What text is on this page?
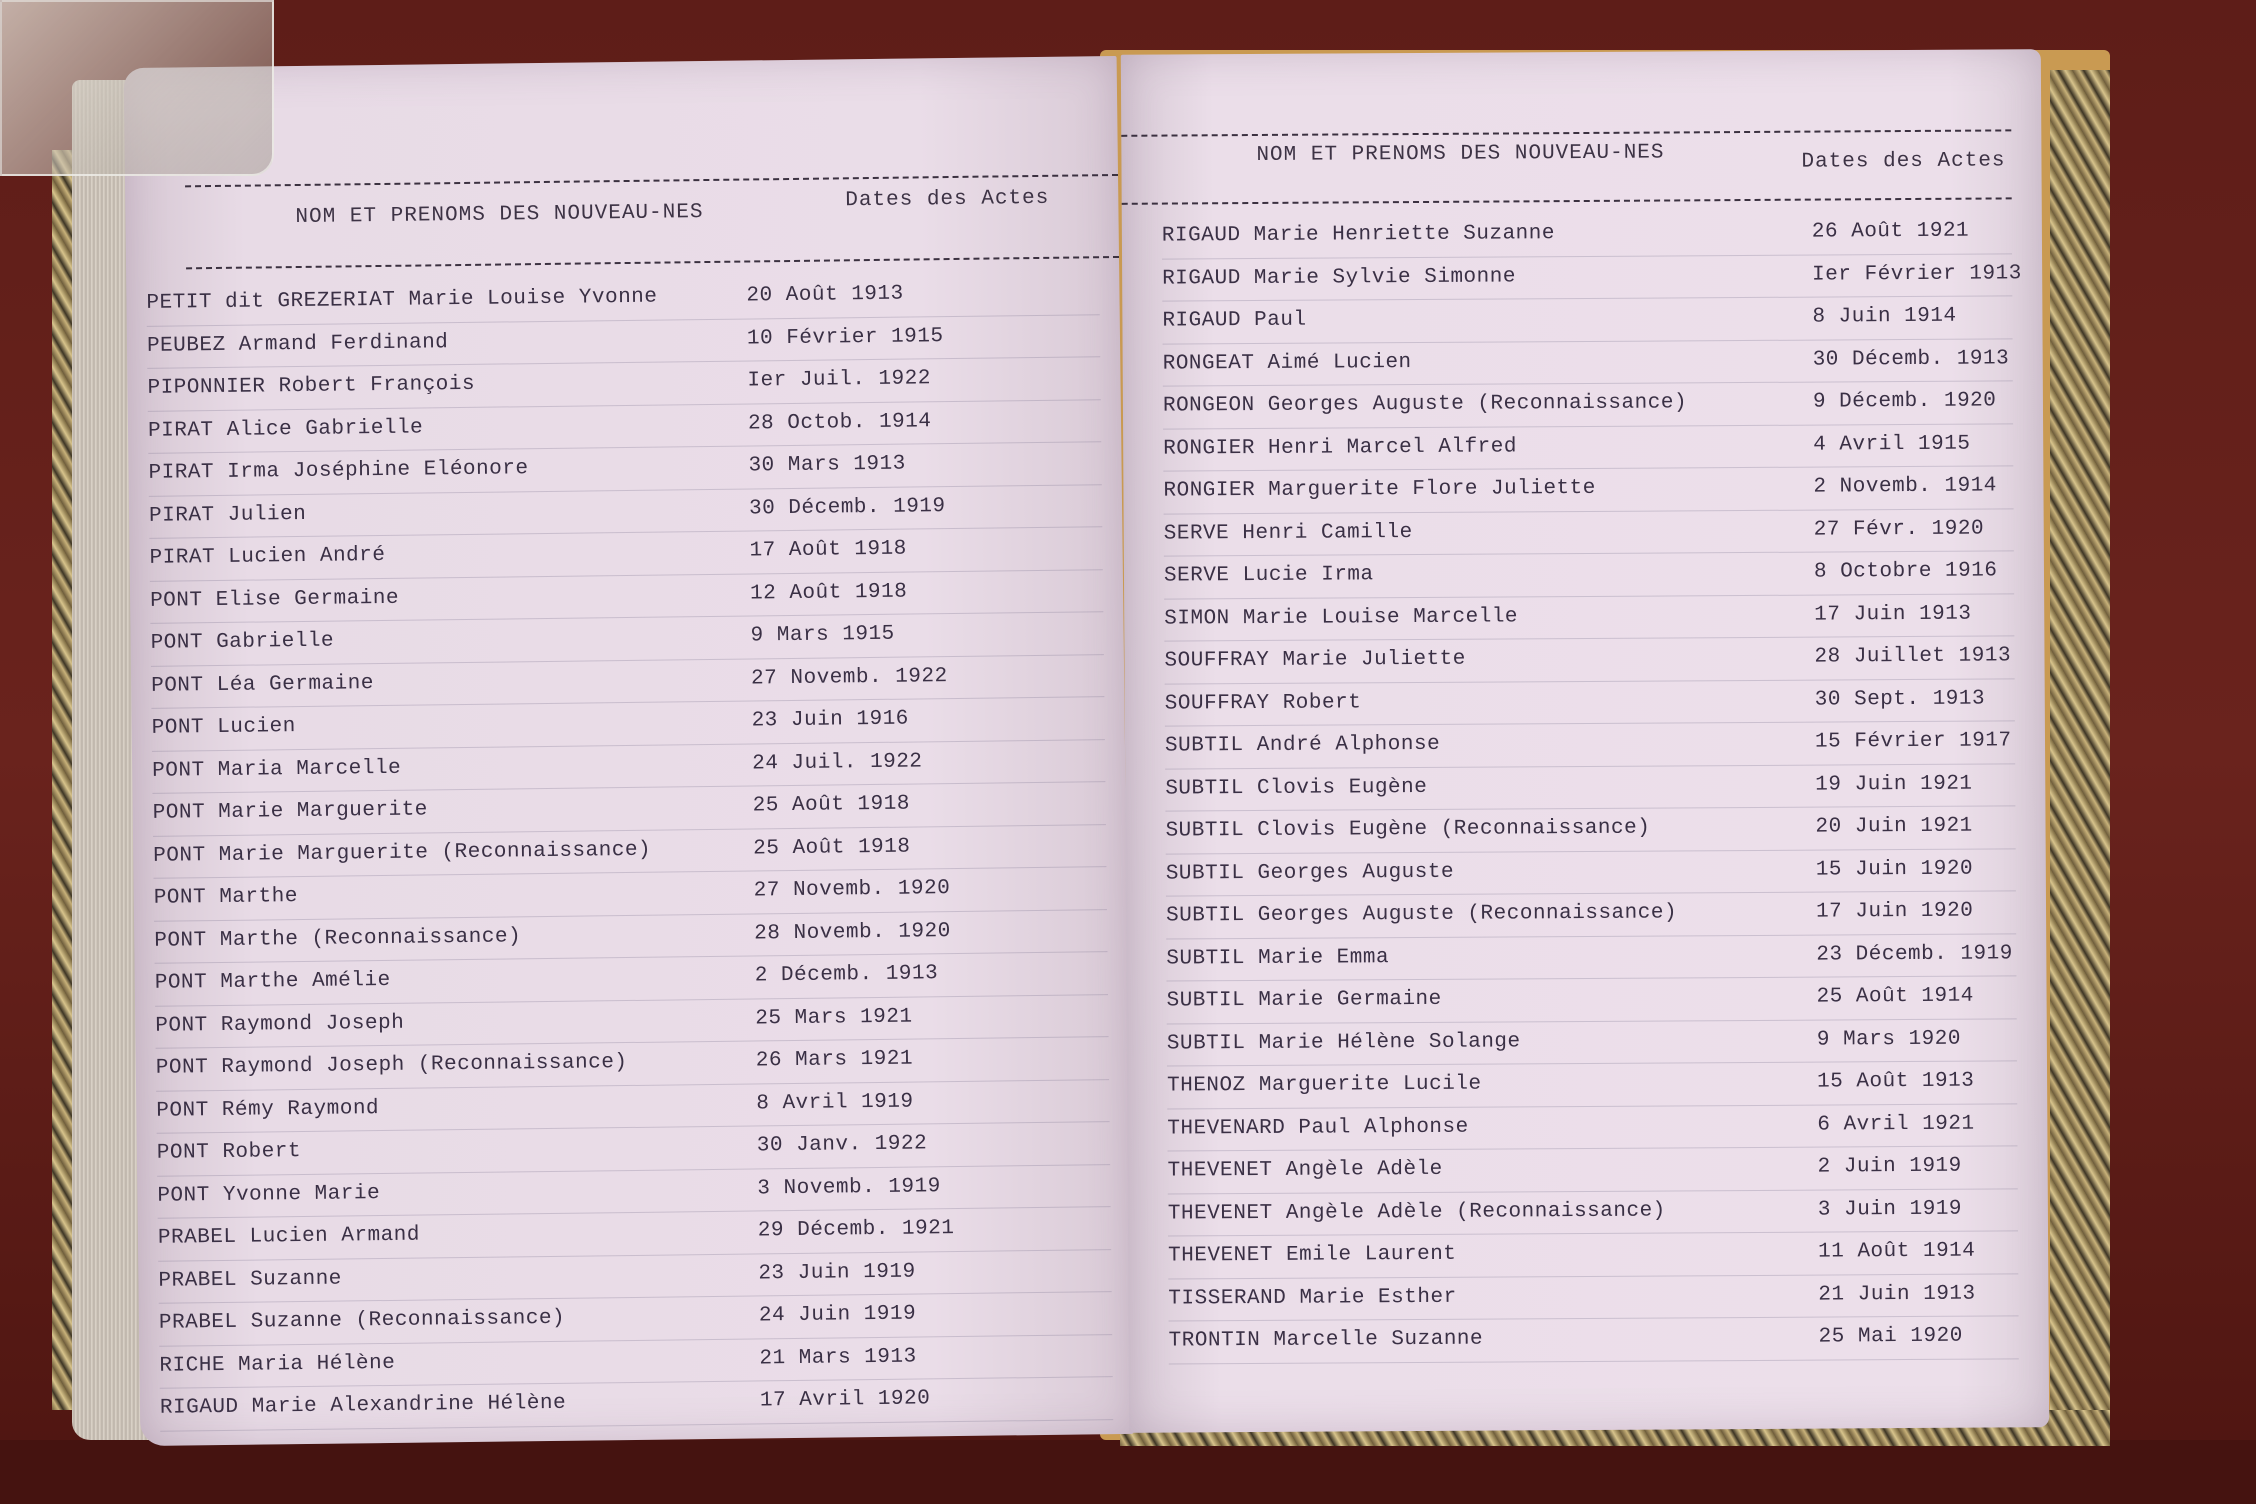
NOM ET PRENOMS DES NOUVEAU-NES
Dates des Actes
PETIT dit GREZERIAT Marie Louise Yvonne	20 Août 1913
PEUBEZ Armand Ferdinand	10 Février 1915
PIPONNIER Robert François	Ier Juil. 1922
PIRAT Alice Gabrielle	28 Octob. 1914
PIRAT Irma Joséphine Eléonore	30 Mars 1913
PIRAT Julien	30 Décemb. 1919
PIRAT Lucien André	17 Août 1918
PONT Elise Germaine	12 Août 1918
PONT Gabrielle	9 Mars 1915
PONT Léa Germaine	27 Novemb. 1922
PONT Lucien	23 Juin 1916
PONT Maria Marcelle	24 Juil. 1922
PONT Marie Marguerite	25 Août 1918
PONT Marie Marguerite (Reconnaissance)	25 Août 1918
PONT Marthe	27 Novemb. 1920
PONT Marthe (Reconnaissance)	28 Novemb. 1920
PONT Marthe Amélie	2 Décemb. 1913
PONT Raymond Joseph	25 Mars 1921
PONT Raymond Joseph (Reconnaissance)	26 Mars 1921
PONT Rémy Raymond	8 Avril 1919
PONT Robert	30 Janv. 1922
PONT Yvonne Marie	3 Novemb. 1919
PRABEL Lucien Armand	29 Décemb. 1921
PRABEL Suzanne	23 Juin 1919
PRABEL Suzanne (Reconnaissance)	24 Juin 1919
RICHE Maria Hélène	21 Mars 1913
RIGAUD Marie Alexandrine Hélène	17 Avril 1920
NOM ET PRENOMS DES NOUVEAU-NES	Dates des Actes
RIGAUD Marie Henriette Suzanne	26 Août 1921
RIGAUD Marie Sylvie Simonne	Ier Février 1913
RIGAUD Paul	8 Juin 1914
RONGEAT Aimé Lucien	30 Décemb. 1913
RONGEON Georges Auguste (Reconnaissance)	9 Décemb. 1920
RONGIER Henri Marcel Alfred	4 Avril 1915
RONGIER Marguerite Flore Juliette	2 Novemb. 1914
SERVE Henri Camille	27 Févr. 1920
SERVE Lucie Irma	8 Octobre 1916
SIMON Marie Louise Marcelle	17 Juin 1913
SOUFFRAY Marie Juliette	28 Juillet 1913
SOUFFRAY Robert	30 Sept. 1913
SUBTIL André Alphonse	15 Février 1917
SUBTIL Clovis Eugène	19 Juin 1921
SUBTIL Clovis Eugène (Reconnaissance)	20 Juin 1921
SUBTIL Georges Auguste	15 Juin 1920
SUBTIL Georges Auguste (Reconnaissance)	17 Juin 1920
SUBTIL Marie Emma	23 Décemb. 1919
SUBTIL Marie Germaine	25 Août 1914
SUBTIL Marie Hélène Solange	9 Mars 1920
THENOZ Marguerite Lucile	15 Août 1913
THEVENARD Paul Alphonse	6 Avril 1921
THEVENET Angèle Adèle	2 Juin 1919
THEVENET Angèle Adèle (Reconnaissance)	3 Juin 1919
THEVENET Emile Laurent	11 Août 1914
TISSERAND Marie Esther	21 Juin 1913
TRONTIN Marcelle Suzanne	25 Mai 1920
